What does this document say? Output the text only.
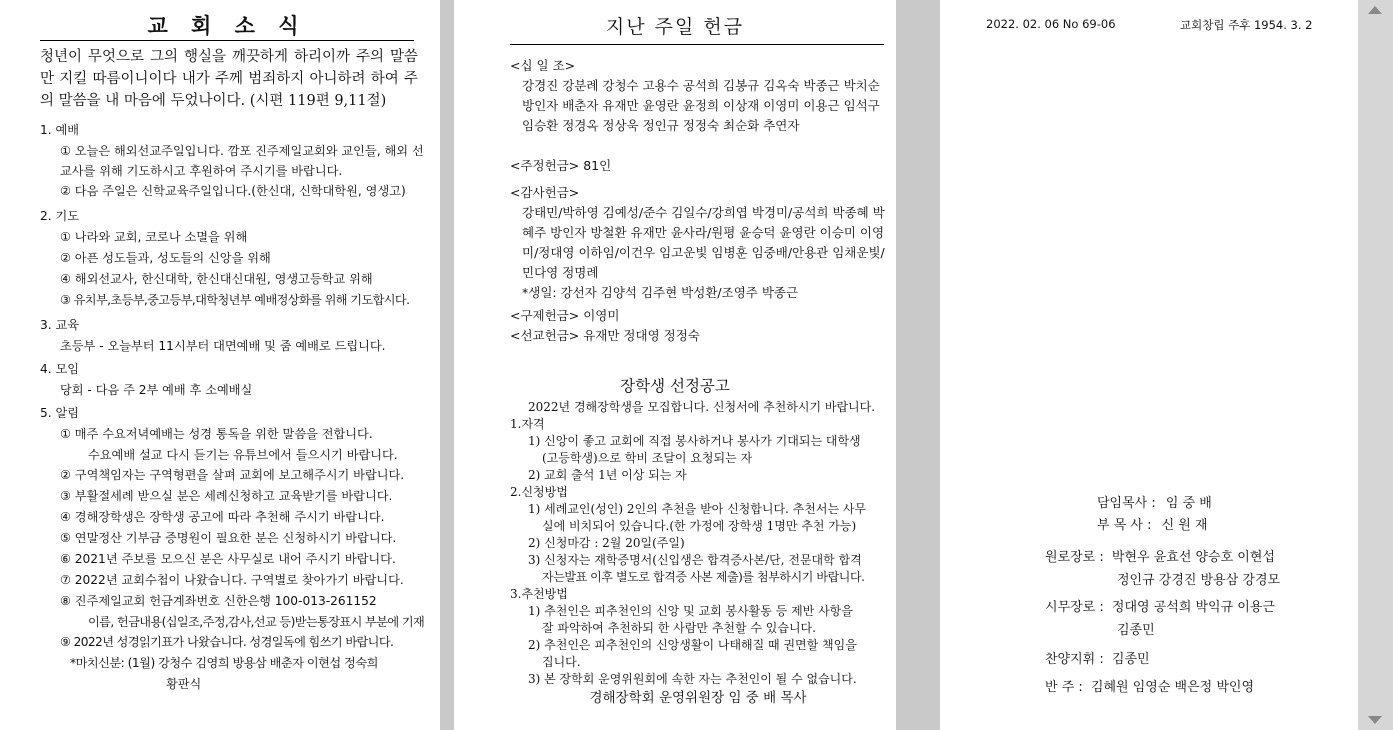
교 회 소 식
청년이 무엇으로 그의 행실을 깨끗하게 하리이까 주의 말씀만 지킬 따름이니이다 내가 주께 범죄하지 아니하려 하여 주의 말씀을 내 마음에 두었나이다. (시편 119편 9,11절)
1. 예배
① 오늘은 해외선교주일입니다. 깜포 진주제일교회와 교인들, 해외 선교사를 위해 기도하시고 후원하여 주시기를 바랍니다.
② 다음 주일은 신학교육주일입니다.(한신대, 신학대학원, 영생고)
2. 기도
① 나라와 교회, 코로나 소멸을 위해
② 아픈 성도들과, 성도들의 신앙을 위해
④ 해외선교사, 한신대학, 한신대신대원, 영생고등학교 위해
③ 유치부,초등부,중고등부,대학청년부 예배정상화를 위해 기도합시다.
3. 교육
초등부 - 오늘부터 11시부터 대면예배 및 줌 예배로 드립니다.
4. 모임
당회 - 다음 주 2부 예배 후 소예배실
5. 알림
① 매주 수요저녁예배는 성경 통독을 위한 말씀을 전합니다.
수요예배 설교 다시 듣기는 유튜브에서 들으시기 바랍니다.
② 구역책임자는 구역형편을 살펴 교회에 보고해주시기 바랍니다.
③ 부활절세례 받으실 분은 세례신청하고 교육받기를 바랍니다.
④ 경해장학생은 장학생 공고에 따라 추천해 주시기 바랍니다.
⑤ 연말정산 기부금 증명원이 필요한 분은 신청하시기 바랍니다.
⑥ 2021년 주보를 모으신 분은 사무실로 내어 주시기 바랍니다.
⑦ 2022년 교회수첩이 나왔습니다. 구역별로 찾아가기 바랍니다.
⑧ 진주제일교회 헌금계좌번호 신한은행 100-013-261152
이름, 헌금내용(십일조,주정,감사,선교 등)받는통장표시 부분에 기재
⑨ 2022년 성경읽기표가 나왔습니다. 성경일독에 힘쓰기 바랍니다.
*마치신분: (1월) 강청수 김영희 방용삼 배춘자 이현섭 정숙희
황판식
지난 주일 헌금
<십 일 조>
강경진 강분례 강청수 고용수 공석희 김봉규 김옥숙 박종근 박치순 방인자 배춘자 유재만 윤영란 윤정희 이상재 이영미 이용근 임석구 임승환 정경옥 정상욱 정인규 정정숙 최순화 추연자
<주정헌금> 81인
<감사헌금>
강태민/박하영 김예성/준수 김일수/강희엽 박경미/공석희 박종혜 박혜주 방인자 방철환 유재만 윤사라/원평 윤승덕 윤영란 이승미 이영미/정대영 이하임/이건우 임고운빛 임병훈 임중배/안용관 임채운빛/민다영 정명례
*생일: 강선자 김양석 김주현 박성환/조영주 박종근
<구제헌금> 이영미
<선교헌금> 유재만 정대영 정정숙
장학생 선정공고
2022년 경해장학생을 모집합니다. 신청서에 추천하시기 바랍니다.
1.자격
1) 신앙이 좋고 교회에 직접 봉사하거나 봉사가 기대되는 대학생
(고등학생)으로 학비 조달이 요청되는 자
2) 교회 출석 1년 이상 되는 자
2.신청방법
1) 세례교인(성인) 2인의 추천을 받아 신청합니다. 추천서는 사무
실에 비치되어 있습니다.(한 가정에 장학생 1명만 추천 가능)
2) 신청마감 : 2월 20일(주일)
3) 신청자는 재학증명서(신입생은 합격증사본/단, 전문대학 합격
자는발표 이후 별도로 합격증 사본 제출)를 첨부하시기 바랍니다.
3.추천방법
1) 추천인은 피추천인의 신앙 및 교회 봉사활동 등 제반 사항을
잘 파악하여 추천하되 한 사람만 추천할 수 있습니다.
2) 추천인은 피추천인의 신앙생활이 나태해질 때 권면할 책임을
집니다.
3) 본 장학회 운영위원회에 속한 자는 추천인이 될 수 없습니다.
경해장학회 운영위원장 임 중 배 목사
2022. 02. 06 No 69-06	교회창립 주후 1954. 3. 2
담임목사 : 임 중 배
부 목 사 : 신 원 재
원로장로 : 박현우 윤효선 양승호 이현섭
정인규 강경진 방용삼 강경모
시무장로 : 정대영 공석희 박익규 이용근
김종민
찬양지휘 : 김종민
반 주 : 김혜원 임영순 백은정 박인영
